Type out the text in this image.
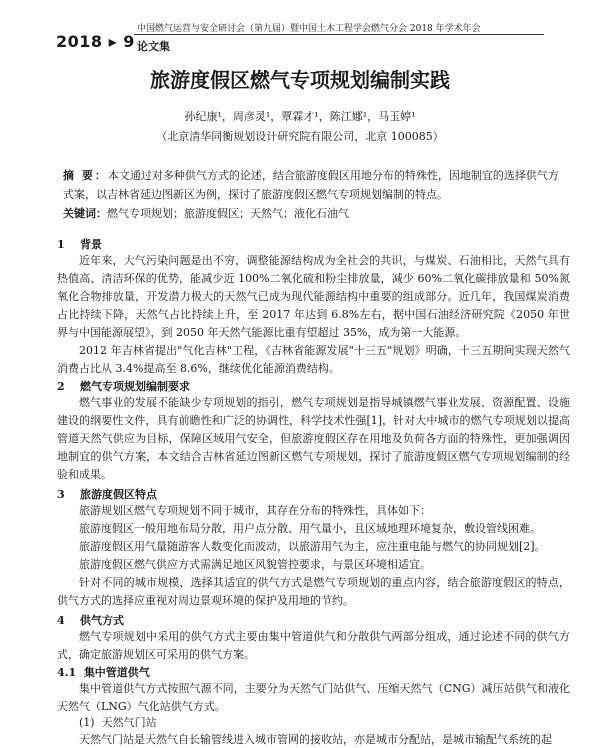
2018 ▸ 9
中国燃气运营与安全研讨会（第九届）暨中国土木工程学会燃气分会 2018 年学术年会
论文集
旅游度假区燃气专项规划编制实践
孙纪康¹，周彦灵¹，覃霖才¹，陈江娜¹，马玉婷¹
（北京清华同衡规划设计研究院有限公司，北京 100085）
摘 要：本文通过对多种供气方式的论述，结合旅游度假区用地分布的特殊性，因地制宜的选择供气方式案，以吉林省延边图新区为例，探讨了旅游度假区燃气专项规划编制的特点。
关键词：燃气专项规划；旅游度假区；天然气；液化石油气
1 背景
近年来，大气污染问题是出不穷，调整能源结构成为全社会的共识，与煤炭、石油相比，天然气具有热值高、清洁环保的优势，能减少近 100%二氧化硫和粉尘排放量，减少 60%二氧化碳排放量和 50%氮氧化合物排放量，开发潜力极大的天然气已成为现代能源结构中重要的组成部分。近几年，我国煤炭消费占比持续下降，天然气占比持续上升，至 2017 年达到 6.8%左右，据中国石油经济研究院《2050 年世界与中国能源展望》，到 2050 年天然气能源比重有望超过 35%，成为第一大能源。
2012 年吉林省提出"气化吉林"工程，《吉林省能源发展"十三五"规划》明确，十三五期间实现天然气消费占比从 3.4%提高至 8.6%，继续优化能源消费结构。
2 燃气专项规划编制要求
燃气事业的发展不能缺少专项规划的指引，燃气专项规划是指导城镇燃气事业发展、资源配置、设施建设的纲要性文件，具有前瞻性和广泛的协调性，科学技术性强[1]，针对大中城市的燃气专项规划以提高管道天然气供应为目标，保障区域用气安全，但旅游度假区存在用地及负荷各方面的特殊性，更加强调因地制宜的供气方案，本文结合吉林省延边图新区燃气专项规划，探讨了旅游度假区燃气专项规划编制的经验和成果。
3 旅游度假区特点
旅游规划区燃气专项规划不同于城市，其存在分布的特殊性，具体如下：
旅游度假区一般用地布局分散，用户点分散、用气量小，且区域地理环境复杂，敷设管线困难。
旅游度假区用气量随游客人数变化而波动，以旅游用气为主，应注重电能与燃气的协同规划[2]。
旅游度假区燃气供应方式需满足地区风貌管控要求，与景区环境相适宜。
针对不同的城市规模，选择其适宜的供气方式是燃气专项规划的重点内容，结合旅游度假区的特点，供气方式的选择应重视对周边景观环境的保护及用地的节约。
4 供气方式
燃气专项规划中采用的供气方式主要由集中管道供气和分散供气两部分组成，通过论述不同的供气方式，确定旅游规划区可采用的供气方案。
4.1 集中管道供气
集中管道供气方式按照气源不同，主要分为天然气门站供气、压缩天然气（CNG）减压站供气和液化天然气（LNG）气化站供气方式。
(1) 天然气门站
天然气门站是天然气自长输管线进入城市管网的接收站，亦是城市分配站，是城市输配气系统的起
